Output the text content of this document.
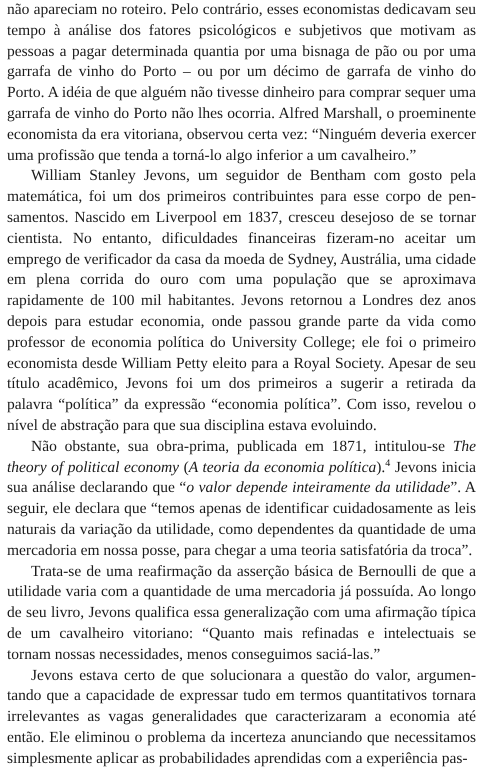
não apareciam no roteiro. Pelo contrário, esses economistas dedicavam seu tempo à análise dos fatores psicológicos e subjetivos que motivam as pessoas a pagar determinada quantia por uma bisnaga de pão ou por uma garrafa de vinho do Porto – ou por um décimo de garrafa de vinho do Porto. A idéia de que alguém não tivesse dinheiro para comprar sequer uma garrafa de vinho do Porto não lhes ocorria. Alfred Marshall, o proeminente economista da era vitoriana, observou certa vez: “Ninguém deveria exercer uma profissão que tenda a torná-lo algo inferior a um cavalheiro.”

William Stanley Jevons, um seguidor de Bentham com gosto pela matemática, foi um dos primeiros contribuintes para esse corpo de pensamentos. Nascido em Liverpool em 1837, cresceu desejoso de se tornar cientista. No entanto, dificuldades financeiras fizeram-no aceitar um emprego de verificador da casa da moeda de Sydney, Austrália, uma cidade em plena corrida do ouro com uma população que se aproximava rapidamente de 100 mil habitantes. Jevons retornou a Londres dez anos depois para estudar economia, onde passou grande parte da vida como professor de economia política do University College; ele foi o primeiro economista desde William Petty eleito para a Royal Society. Apesar de seu título acadêmico, Jevons foi um dos primeiros a sugerir a retirada da palavra “política” da expressão “economia política”. Com isso, revelou o nível de abstração para que sua disciplina estava evoluindo.

Não obstante, sua obra-prima, publicada em 1871, intitulou-se The theory of political economy (A teoria da economia política).$^4$ Jevons inicia sua análise declarando que “o valor depende inteiramente da utilidade”. A seguir, ele declara que “temos apenas de identificar cuidadosamente as leis naturais da variação da utilidade, como dependentes da quantidade de uma mercadoria em nossa posse, para chegar a uma teoria satisfatória da troca”.

Trata-se de uma reafirmação da asserção básica de Bernoulli de que a utilidade varia com a quantidade de uma mercadoria já possuída. Ao longo de seu livro, Jevons qualifica essa generalização com uma afirmação típica de um cavalheiro vitoriano: “Quanto mais refinadas e intelectuais se tornam nossas necessidades, menos conseguimos saciá-las.”

Jevons estava certo de que solucionara a questão do valor, argumentando que a capacidade de expressar tudo em termos quantitativos tornara irrelevantes as vagas generalidades que caracterizaram a economia até então. Ele eliminou o problema da incerteza anunciando que necessitamos simplesmente aplicar as probabilidades aprendidas com a experiência pas-
